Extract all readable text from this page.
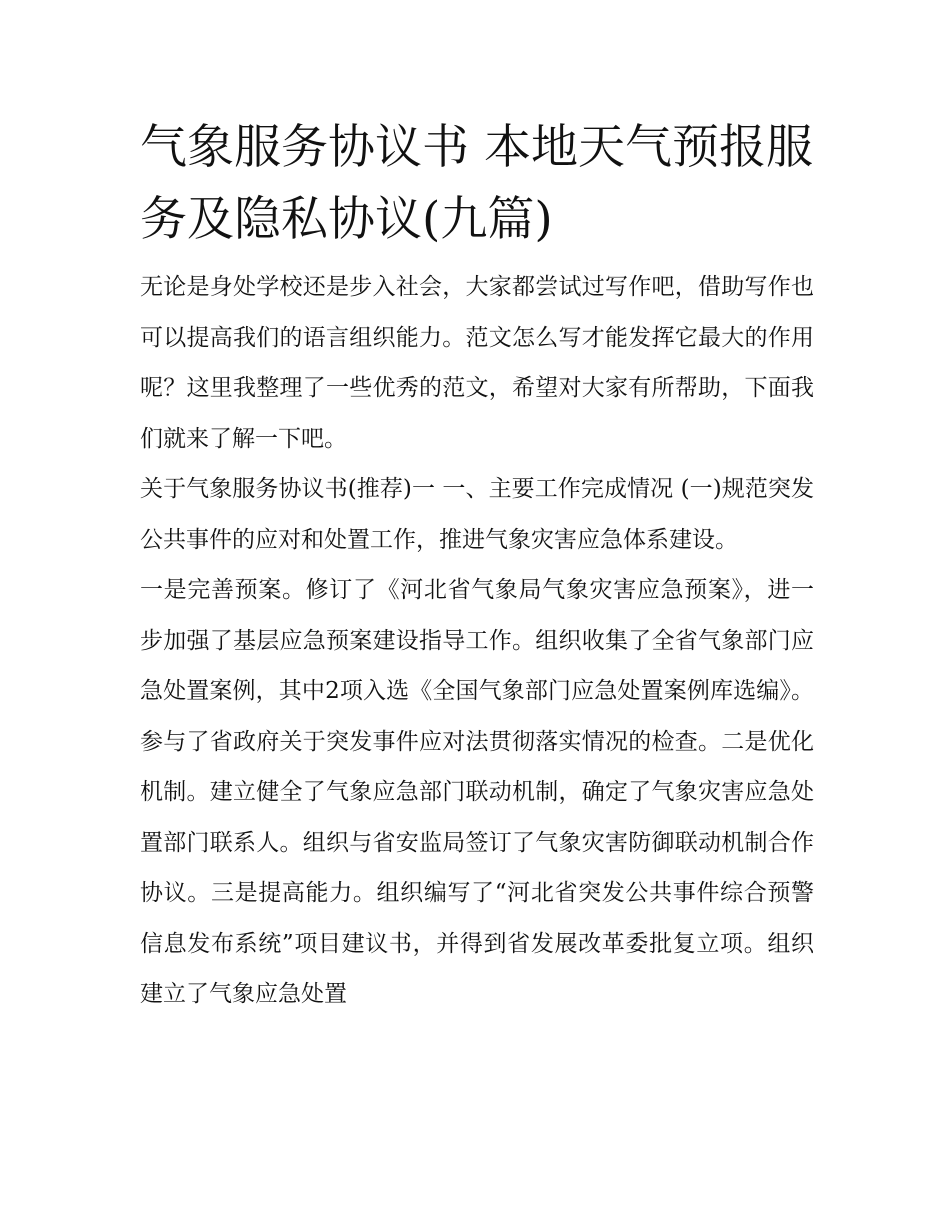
气象服务协议书 本地天气预报服务及隐私协议(九篇)

无论是身处学校还是步入社会，大家都尝试过写作吧，借助写作也可以提高我们的语言组织能力。范文怎么写才能发挥它最大的作用呢？这里我整理了一些优秀的范文，希望对大家有所帮助，下面我们就来了解一下吧。

关于气象服务协议书(推荐)一 一、主要工作完成情况 (一)规范突发公共事件的应对和处置工作，推进气象灾害应急体系建设。

一是完善预案。修订了《河北省气象局气象灾害应急预案》，进一步加强了基层应急预案建设指导工作。组织收集了全省气象部门应急处置案例，其中2项入选《全国气象部门应急处置案例库选编》。参与了省政府关于突发事件应对法贯彻落实情况的检查。二是优化机制。建立健全了气象应急部门联动机制，确定了气象灾害应急处置部门联系人。组织与省安监局签订了气象灾害防御联动机制合作协议。三是提高能力。组织编写了“河北省突发公共事件综合预警信息发布系统”项目建议书，并得到省发展改革委批复立项。组织建立了气象应急处置
